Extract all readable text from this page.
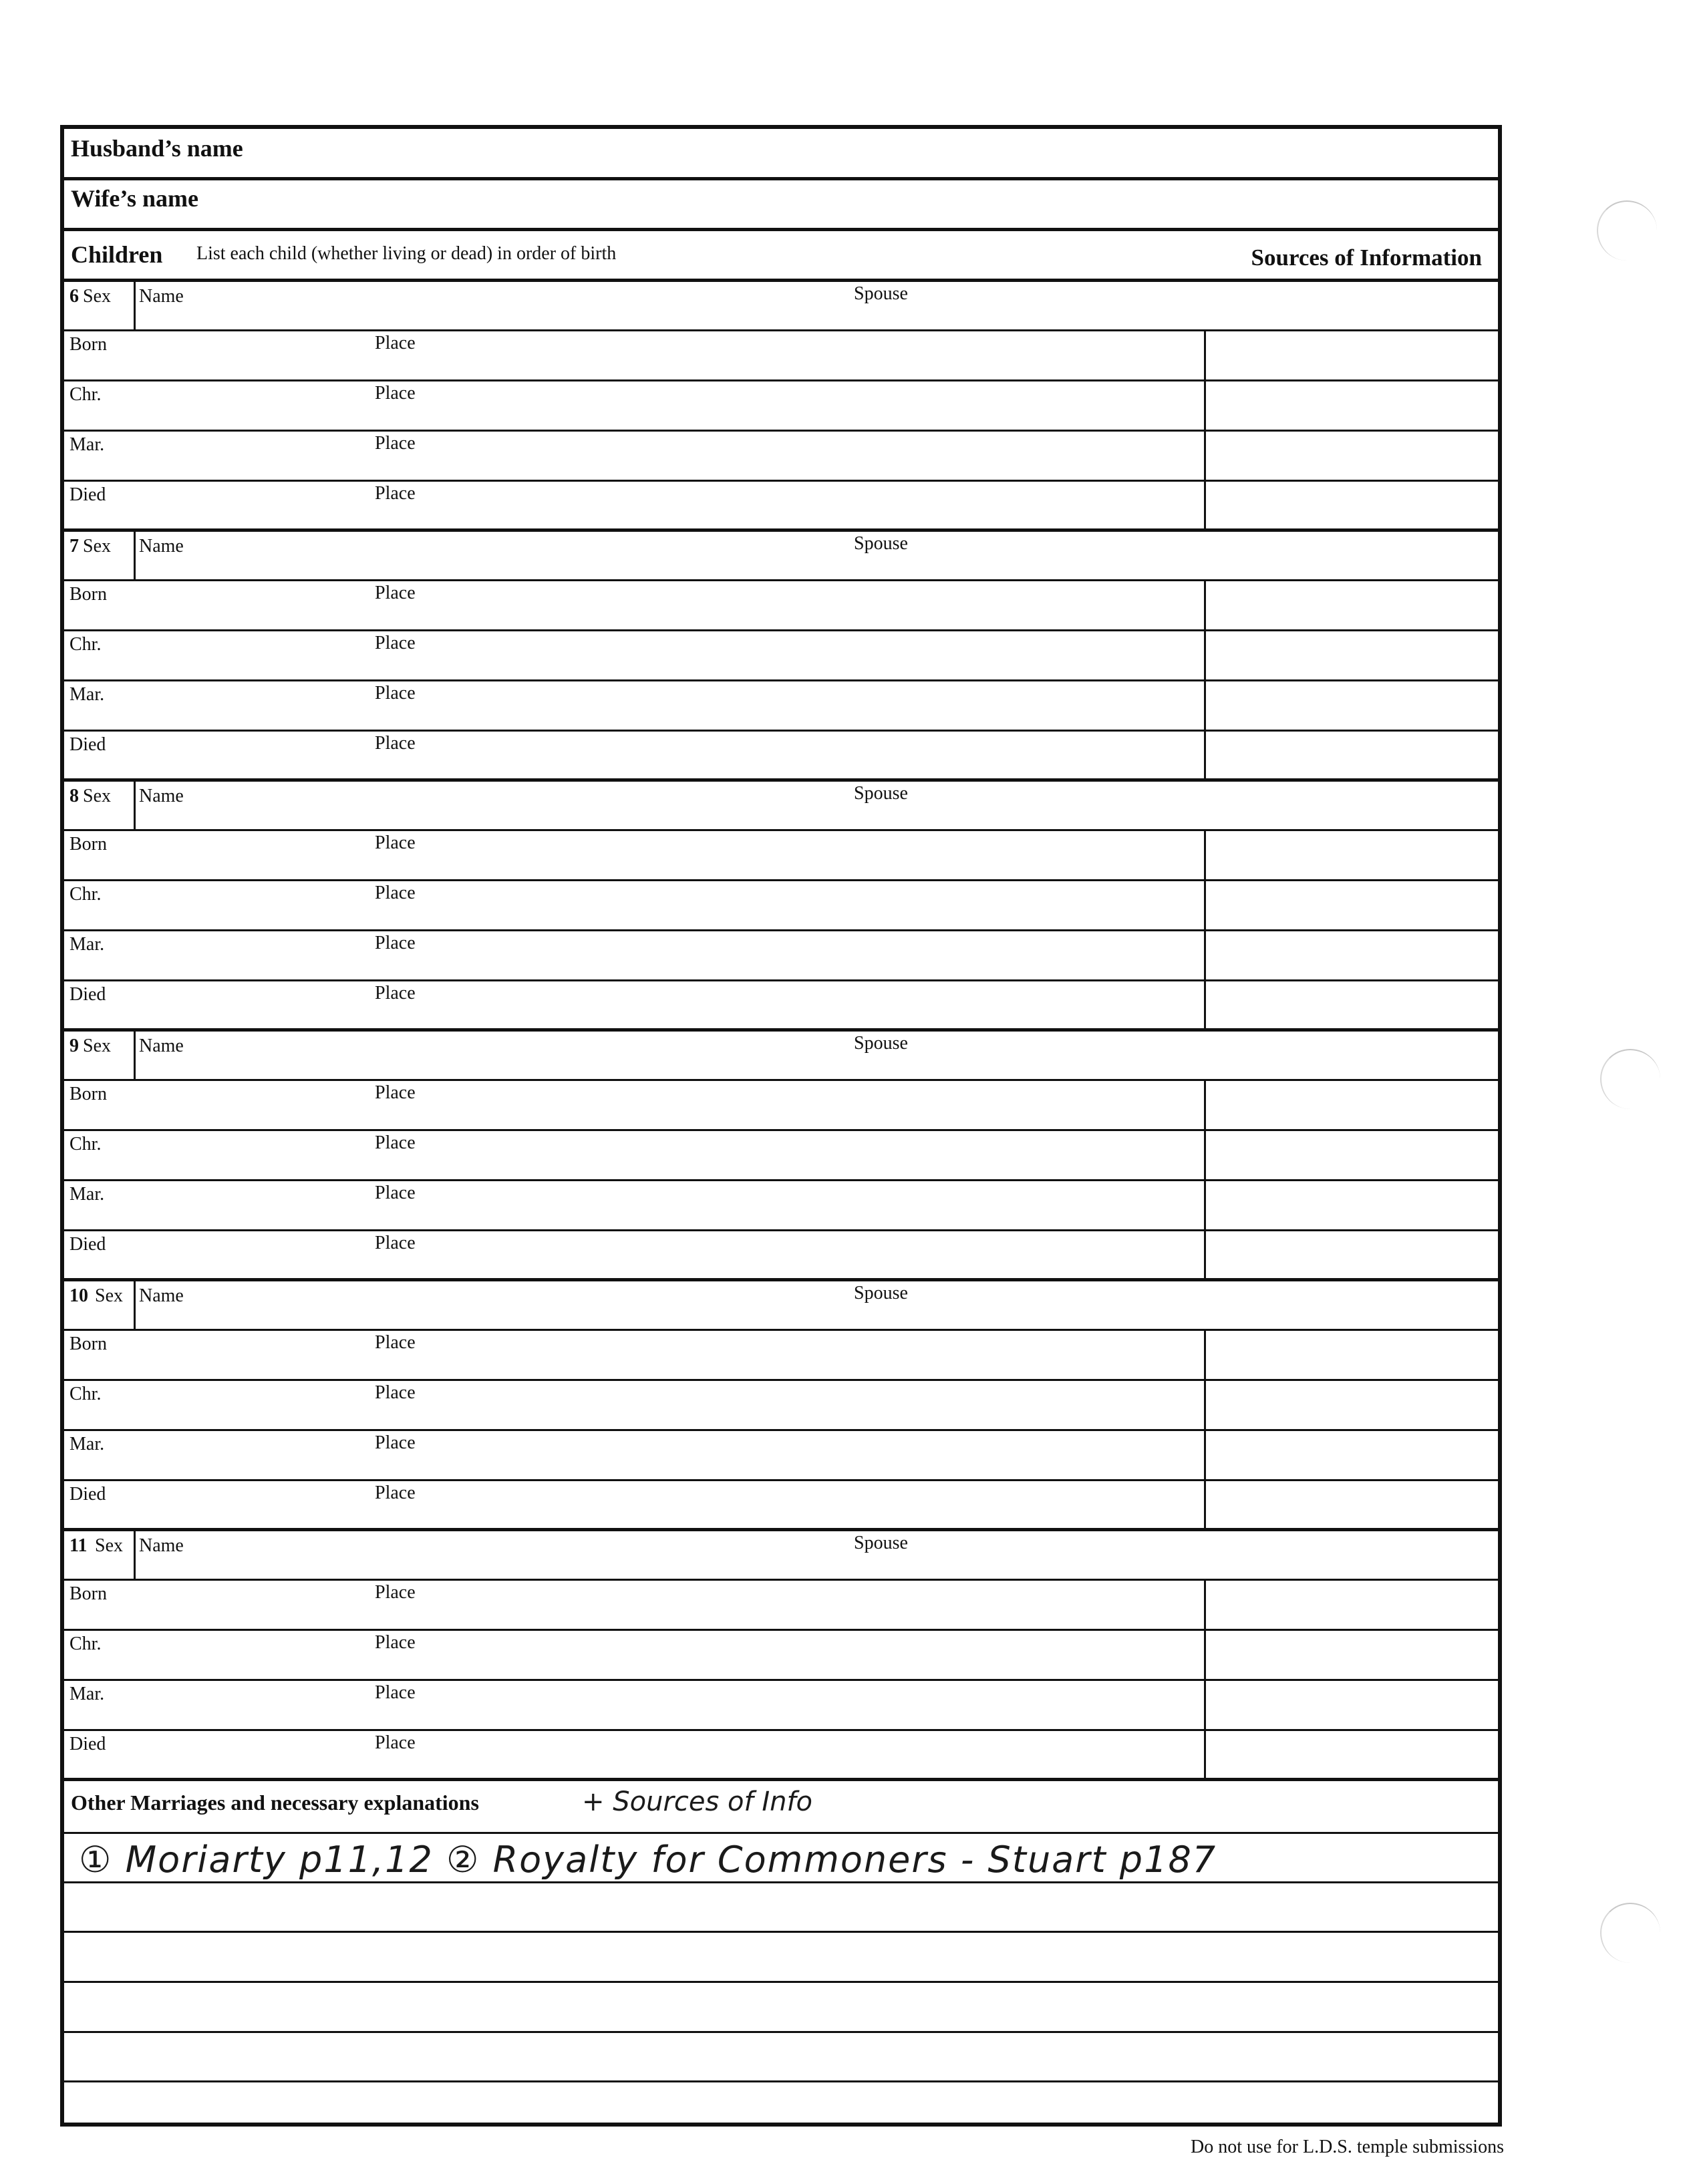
Husband’s name
Wife’s name
Children List each child (whether living or dead) in order of birth	Sources of Information
6 Sex Name	Spouse
Born	Place
Chr.	Place
Mar.	Place
Died	Place
7 Sex Name	Spouse
Born	Place
Chr.	Place
Mar.	Place
Died	Place
8 Sex Name	Spouse
Born	Place
Chr.	Place
Mar.	Place
Died	Place
9 Sex Name	Spouse
Born	Place
Chr.	Place
Mar.	Place
Died	Place
10 Sex Name	Spouse
Born	Place
Chr.	Place
Mar.	Place
Died	Place
11 Sex Name	Spouse
Born	Place
Chr.	Place
Mar.	Place
Died	Place
Other Marriages and necessary explanations	+ Sources of Info
① Moriarty p11,12 ② Royalty for Commoners - Stuart p187
Do not use for L.D.S. temple submissions
